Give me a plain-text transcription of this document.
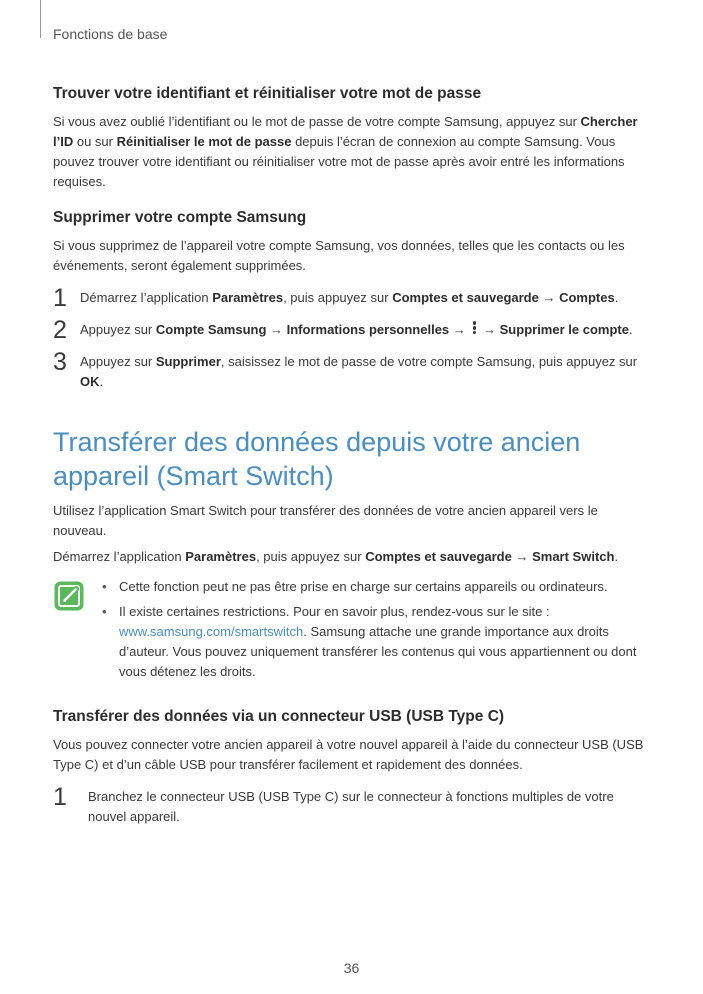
Fonctions de base
Trouver votre identifiant et réinitialiser votre mot de passe

Si vous avez oublié l’identifiant ou le mot de passe de votre compte Samsung, appuyez sur Chercher l’ID ou sur Réinitialiser le mot de passe depuis l’écran de connexion au compte Samsung. Vous pouvez trouver votre identifiant ou réinitialiser votre mot de passe après avoir entré les informations requises.

Supprimer votre compte Samsung

Si vous supprimez de l’appareil votre compte Samsung, vos données, telles que les contacts ou les événements, seront également supprimées.

1 Démarrez l’application Paramètres, puis appuyez sur Comptes et sauvegarde → Comptes.
2 Appuyez sur Compte Samsung → Informations personnelles →
→ Supprimer le compte.
3 Appuyez sur Supprimer, saisissez le mot de passe de votre compte Samsung, puis appuyez sur OK.
Transférer des données depuis votre ancien
appareil (Smart Switch)

Utilisez l’application Smart Switch pour transférer des données de votre ancien appareil vers le nouveau.

Démarrez l’application Paramètres, puis appuyez sur Comptes et sauvegarde → Smart Switch.

• Cette fonction peut ne pas être prise en charge sur certains appareils ou ordinateurs.
• Il existe certaines restrictions. Pour en savoir plus, rendez-vous sur le site : www.samsung.com/smartswitch. Samsung attache une grande importance aux droits d’auteur. Vous pouvez uniquement transférer les contenus qui vous appartiennent ou dont vous détenez les droits.
Transférer des données via un connecteur USB (USB Type C)

Vous pouvez connecter votre ancien appareil à votre nouvel appareil à l’aide du connecteur USB (USB Type C) et d’un câble USB pour transférer facilement et rapidement des données.

1 Branchez le connecteur USB (USB Type C) sur le connecteur à fonctions multiples de votre nouvel appareil.
36
